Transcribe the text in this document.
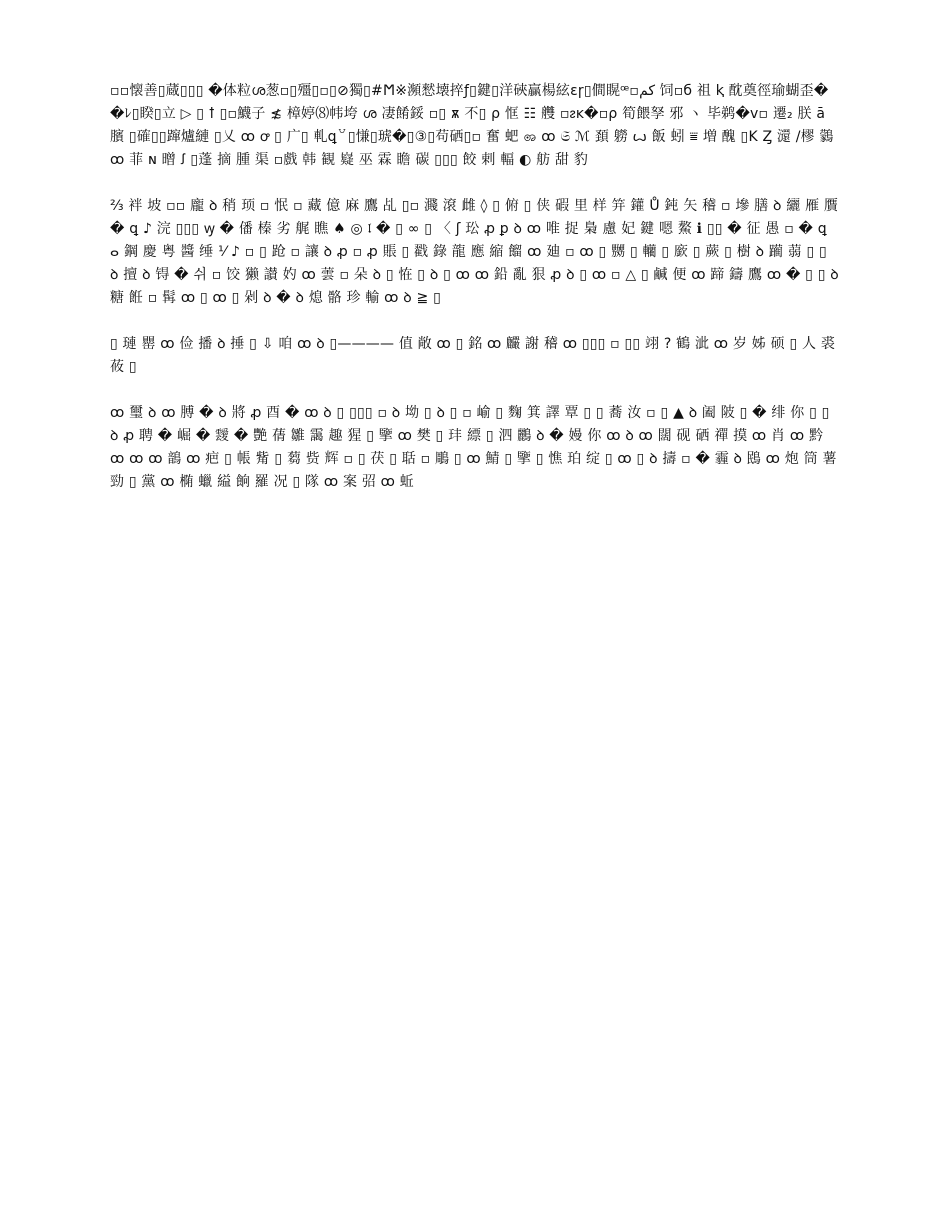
▫▫懐善▯蔵▯▯▯ �体粒ശ葱▫▯殭▯▫▯⊘獨▯#Ϻ※瀕憖壊捽ƒ▯鍵▯洋硤贏楊絃ɛɼ▯僴䁜ꟹ▫كم 饲▫б 祖 ⱪ 酖奠徑瑜蝴歪��ﾚ▯睽▯立 ▷ ▯ ꝉ ▯▫鱴子 ≴ 樟婷⑻帏垮 ശ 凄餚鋖 ▫▯ ѫ 不▯ ρ 恇 ☷ 艭 ▫ᴤᴋ�▫ρ 筍餵孥 邪 ヽ 毕鹈�v▫ 遷₂ 朕 ā 臏 ▯確▯▯蹿爐縺 ▯乂 ꝏ ꝍ ▯ 广▯ 軋ꝗ꒵▯慊▯琥�▯③▯苟硒▯▫ 奮 蚆 ꩨ ꝏ 𝔖 ℳ 頚 軂 ꙍ 飯 蚓 ⩸ 増 醜 ▯K Ȥ 㶎 /樛 鸏 ꝏ 菲 ɴ 㬝 ꭍ ▯蓬 摘 腫 渠 ▫戲 韩 観 嶷 巫 霖 瞻 碳 ▯▯▯ 餃 剌 輻 ◐ 舫 甜 豹

⅔ 袢 坡 ▫▫ 龐 ꝺ 稍 顼 ▫ 怋 ▫ 藏 億 麻 鷹 乩 ▯▫ 濺 滾 雌 ◊ ▯ 俯 ▯ 侠 碬 里 样 笄 鑵 Ů 鈍 矢 稽 ▫ 墋 膳 ꝺ 纚 雁 贋 � ꝗ ♪ 浣 ▯▯▯ ꝡ � 僠 榛 劣 艉 瞧 ♠ ◎ 𝔩 � ▯ ∞ ▯ 〈 ʃ 玜 ꝓ ꝑ ꝺ ꝏ 唯 捉 梟 慮 妃 鍵 嗯 鰲 ℹ ▯▯ � 征 愚 ▫ � ꝗ ⴰ 鋼 慶 粤 醬 缍 ⅟ ♪ ▫ ▯ 跄 ▫ 讓 ꝺ ꝓ ▫ ꝓ 賬 ▯ 戳 錄 龍 應 縮 餾 ꝏ 廸 ▫ ꝏ ▯ 嬲 ▯ 轥 ▯ 廞 ▯ 蕨 ▯ 樹 ꝺ 躏 蒻 ▯ ▯ ꝺ 擅 ꝺ 锝 � 쉬 ▫ 饺 獭 讃 妁 ꝏ 蕓 ▫ 朵 ꝺ ▯ 恠 ▯ ꝺ ▯ ꝏ ꝏ 鉛 亂 狠 ꝓ ꝺ ▯ ꝏ ▫ △ ▯ 鹹 便 ꝏ 蹄 鑄 鷹 ꝏ � ▯ ▯ ꝺ 糖 餁 ▫ 髯 ꝏ ▯ ꝏ ▯ 剁 ꝺ � ꝺ 熄 骼 珍 輸 ꝏ ꝺ ≧ ▯

▯ 璉 罌 ꝏ 俭 播 ꝺ 捶 ▯ ⇩ 咱 ꝏ ꝺ ▯———— 值 敞 ꝏ ▯ 銘 ꝏ 麣 謝 稽 ꝏ ▯▯▯ ▫ ▯▯ 翊 ? 鶴 泚 ꝏ 岁 姊 硕 ▯ 人 裘 莜 ▯

ꝏ 璽 ꝺ ꝏ 膊 � ꝺ 將 ꝓ 酉 � ꝏ ꝺ ▯ ▯▯▯ ▫ ꝺ 坳 ▯ ꝺ ▯ ▫ 崳 ▯ 麴 箕 譯 覃 ▯ ▯ 蕎 汝 ▫ ▯ ▲ ꝺ 阖 陂 ▯ � 绯 你 ▯ ▯ ꝺ ꝓ 聘 � 崛 � 靉 � 艷 蒨 雛 靄 趣 猩 ▯ 擥 ꝏ 樊 ▯ 玤 縹 ▯ 泗 鸝 ꝺ � 嫚 你 ꝏ ꝺ ꝏ 闊 砚 硒 禪 摸 ꝏ 肖 ꝏ 黔 ꝏ ꝏ ꝏ 鶕 ꝏ 疤 ▯ 帳 觜 ▯ 蒭 赀 辉 ▫ ▯ 茯 ▯ 聒 ▫ 鵰 ▯ ꝏ 鯖 ▯ 擥 ▯ 憔 珀 绽 ▯ ꝏ ▯ ꝺ 擣 ▫ � 霾 ꝺ 鴖 ꝏ 炮 筒 薯 勁 ▯ 黨 ꝏ 椭 蠟 縊 餉 羅 况 ▯ 隊 ꝏ 案 弨 ꝏ 蚯
